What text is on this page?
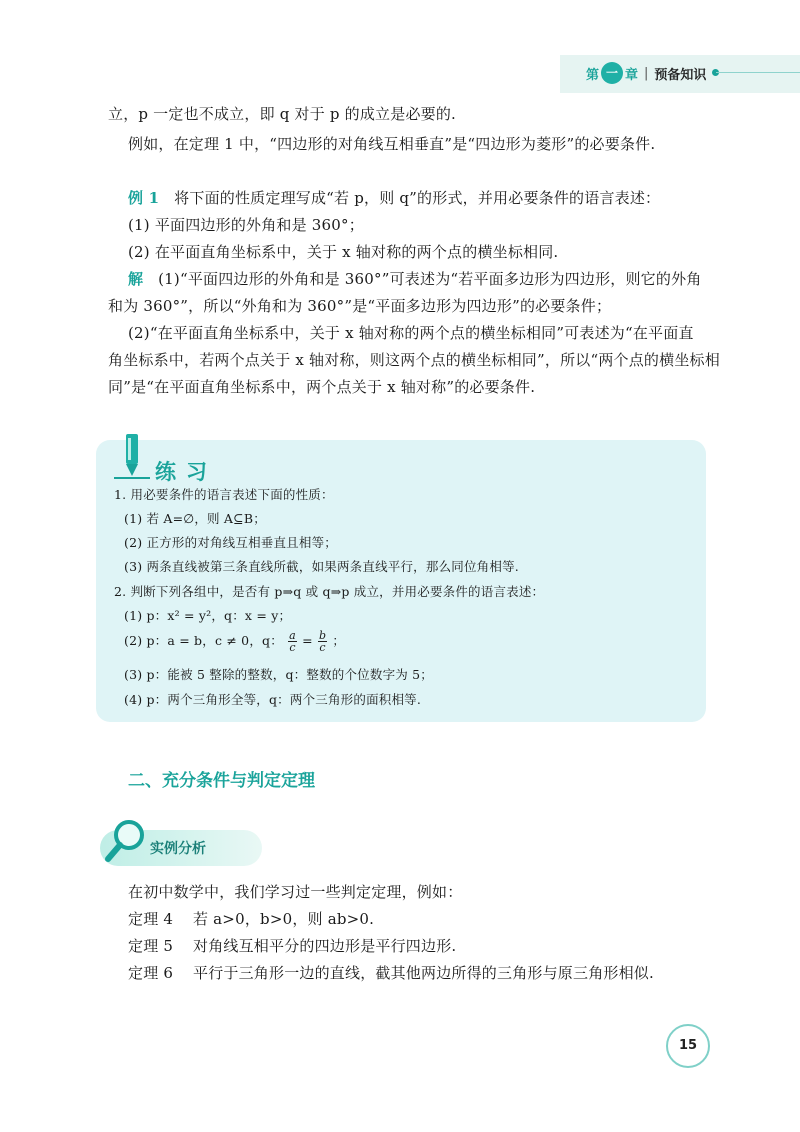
第 一 章 | 预备知识
立，p 一定也不成立，即 q 对于 p 的成立是必要的.
例如，在定理 1 中，“四边形的对角线互相垂直”是“四边形为菱形”的必要条件.
例 1 将下面的性质定理写成“若 p，则 q”的形式，并用必要条件的语言表述：
(1) 平面四边形的外角和是 360°；
(2) 在平面直角坐标系中，关于 x 轴对称的两个点的横坐标相同.
解 (1)“平面四边形的外角和是 360°”可表述为“若平面多边形为四边形，则它的外角
和为 360°”，所以“外角和为 360°”是“平面多边形为四边形”的必要条件；
(2)“在平面直角坐标系中，关于 x 轴对称的两个点的横坐标相同”可表述为“在平面直
角坐标系中，若两个点关于 x 轴对称，则这两个点的横坐标相同”，所以“两个点的横坐标相
同”是“在平面直角坐标系中，两个点关于 x 轴对称”的必要条件.
练习
1. 用必要条件的语言表述下面的性质：
(1) 若 A=∅，则 A⊆B；
(2) 正方形的对角线互相垂直且相等；
(3) 两条直线被第三条直线所截，如果两条直线平行，那么同位角相等.
2. 判断下列各组中，是否有 p⇒q 或 q⇒p 成立，并用必要条件的语言表述：
(1) p：x² = y²，q：x = y；
(2) p：a = b，c ≠ 0，q： $\frac{a}{c} = \frac{b}{c}$ ；
(3) p：能被 5 整除的整数，q：整数的个位数字为 5；
(4) p：两个三角形全等，q：两个三角形的面积相等.
二、充分条件与判定定理
实例分析
在初中数学中，我们学习过一些判定定理，例如：
定理 4 若 a>0，b>0，则 ab>0.
定理 5 对角线互相平分的四边形是平行四边形.
定理 6 平行于三角形一边的直线，截其他两边所得的三角形与原三角形相似.
15
